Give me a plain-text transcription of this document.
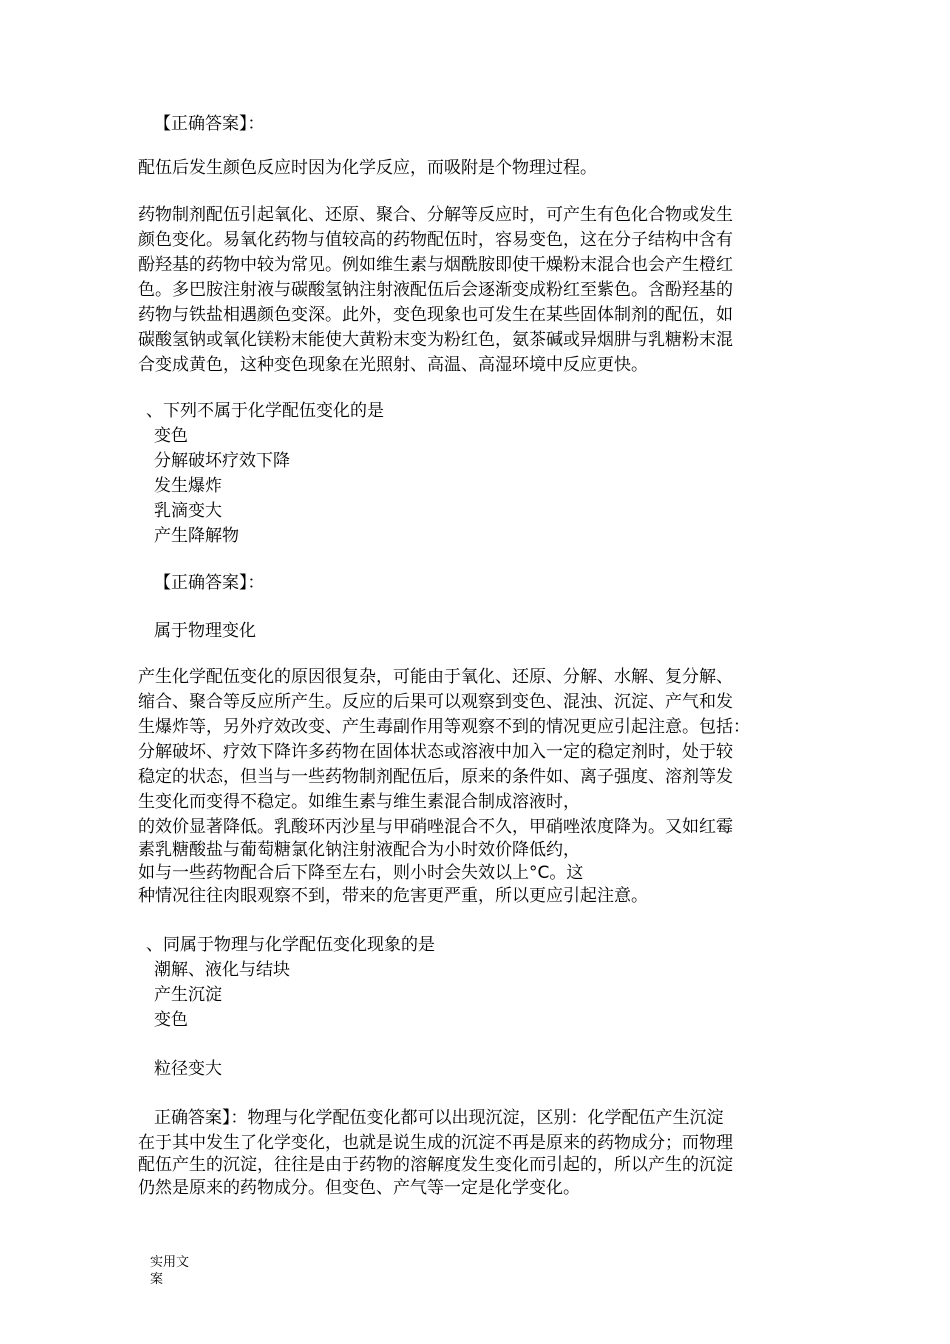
【正确答案】：
配伍后发生颜色反应时因为化学反应，而吸附是个物理过程。
药物制剂配伍引起氧化、还原、聚合、分解等反应时，可产生有色化合物或发生
颜色变化。易氧化药物与值较高的药物配伍时，容易变色，这在分子结构中含有
酚羟基的药物中较为常见。例如维生素与烟酰胺即使干燥粉末混合也会产生橙红
色。多巴胺注射液与碳酸氢钠注射液配伍后会逐渐变成粉红至紫色。含酚羟基的
药物与铁盐相遇颜色变深。此外，变色现象也可发生在某些固体制剂的配伍，如
碳酸氢钠或氧化镁粉末能使大黄粉末变为粉红色，氨茶碱或异烟肼与乳糖粉末混
合变成黄色，这种变色现象在光照射、高温、高湿环境中反应更快。
、下列不属于化学配伍变化的是
变色
分解破坏疗效下降
发生爆炸
乳滴变大
产生降解物
【正确答案】：
属于物理变化
产生化学配伍变化的原因很复杂，可能由于氧化、还原、分解、水解、复分解、
缩合、聚合等反应所产生。反应的后果可以观察到变色、混浊、沉淀、产气和发
生爆炸等，另外疗效改变、产生毒副作用等观察不到的情况更应引起注意。包括：
分解破坏、疗效下降许多药物在固体状态或溶液中加入一定的稳定剂时，处于较
稳定的状态，但当与一些药物制剂配伍后，原来的条件如、离子强度、溶剂等发
生变化而变得不稳定。如维生素与维生素混合制成溶液时，
的效价显著降低。乳酸环丙沙星与甲硝唑混合不久，甲硝唑浓度降为。又如红霉
素乳糖酸盐与葡萄糖氯化钠注射液配合为小时效价降低约，
如与一些药物配合后下降至左右，则小时会失效以上°C。这
种情况往往肉眼观察不到，带来的危害更严重，所以更应引起注意。
、同属于物理与化学配伍变化现象的是
潮解、液化与结块
产生沉淀
变色
粒径变大
正确答案】：物理与化学配伍变化都可以出现沉淀，区别：化学配伍产生沉淀
在于其中发生了化学变化，也就是说生成的沉淀不再是原来的药物成分；而物理
配伍产生的沉淀，往往是由于药物的溶解度发生变化而引起的，所以产生的沉淀
仍然是原来的药物成分。但变色、产气等一定是化学变化。
实用文
案
